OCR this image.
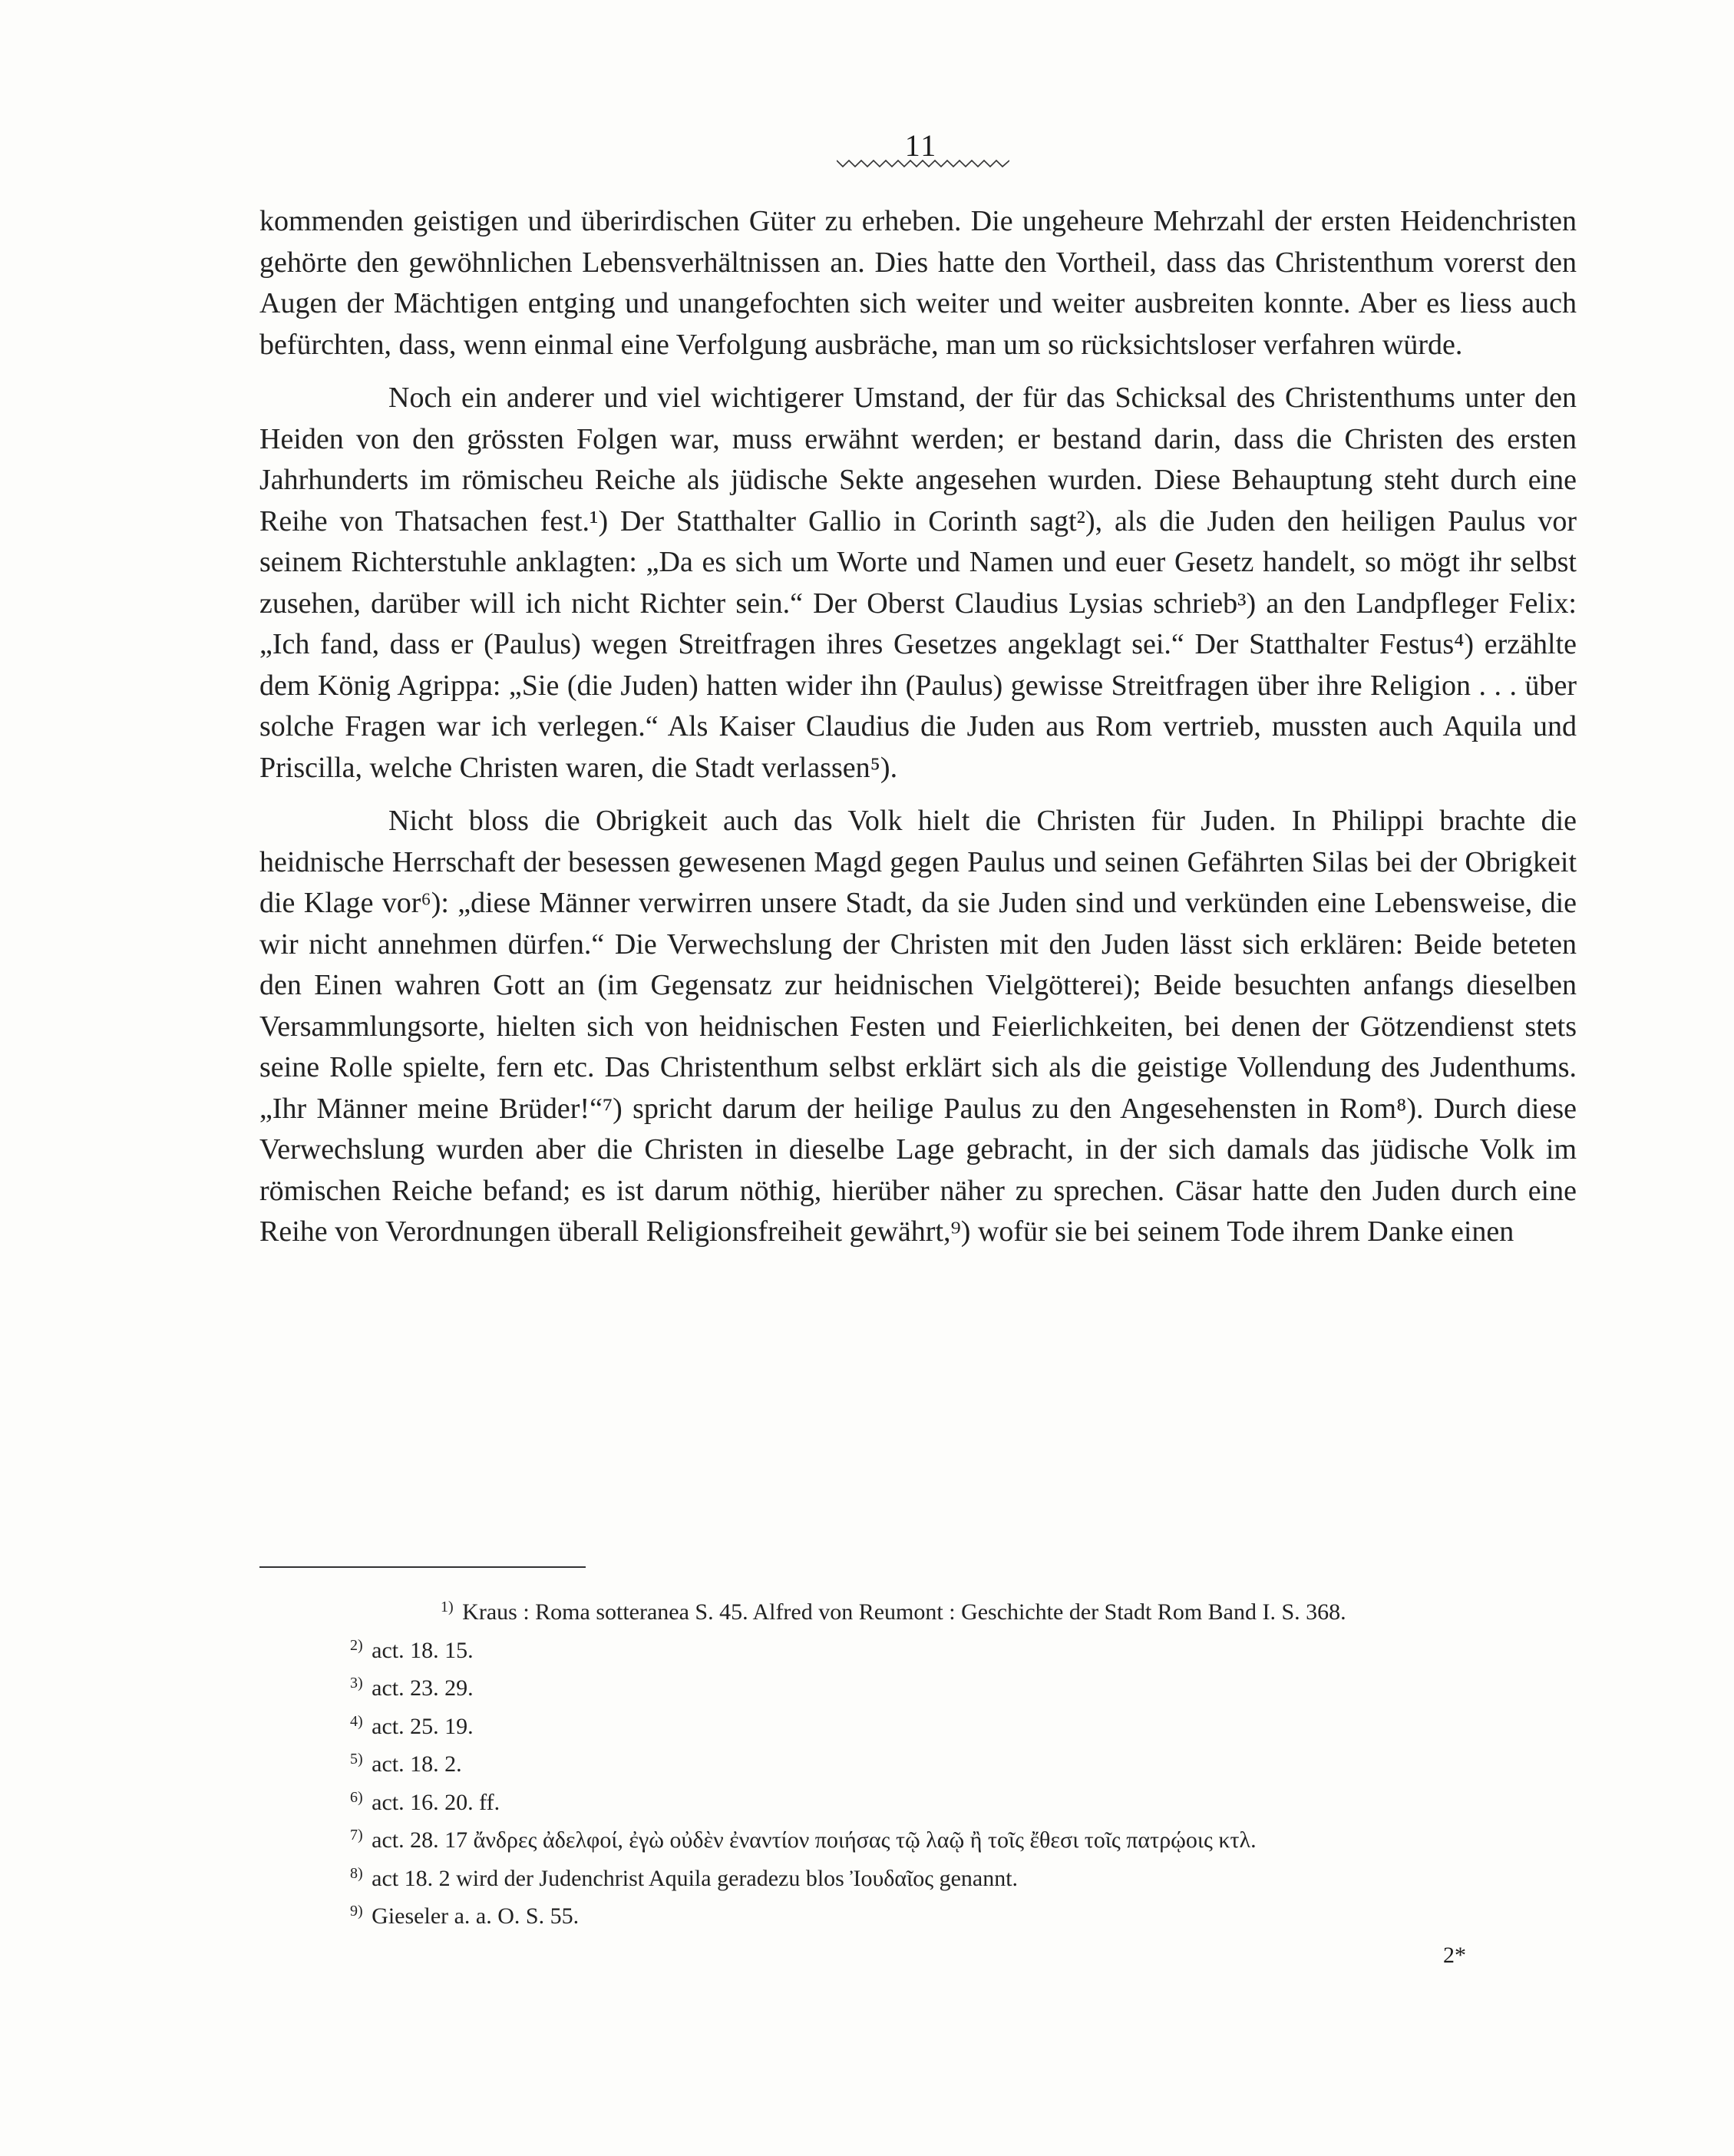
11

kommenden geistigen und überirdischen Güter zu erheben. Die ungeheure Mehrzahl der ersten Heidenchristen gehörte den gewöhnlichen Lebensverhältnissen an. Dies hatte den Vortheil, dass das Christenthum vorerst den Augen der Mächtigen entging und unangefochten sich weiter und weiter ausbreiten konnte. Aber es liess auch befürchten, dass, wenn einmal eine Verfolgung ausbräche, man um so rücksichtsloser verfahren würde.

Noch ein anderer und viel wichtigerer Umstand, der für das Schicksal des Christenthums unter den Heiden von den grössten Folgen war, muss erwähnt werden; er bestand darin, dass die Christen des ersten Jahrhunderts im römischeu Reiche als jüdische Sekte angesehen wurden. Diese Behauptung steht durch eine Reihe von Thatsachen fest.¹) Der Statthalter Gallio in Corinth sagt²), als die Juden den heiligen Paulus vor seinem Richterstuhle anklagten: „Da es sich um Worte und Namen und euer Gesetz handelt, so mögt ihr selbst zusehen, darüber will ich nicht Richter sein.“ Der Oberst Claudius Lysias schrieb³) an den Landpfleger Felix: „Ich fand, dass er (Paulus) wegen Streitfragen ihres Gesetzes angeklagt sei.“ Der Statthalter Festus⁴) erzählte dem König Agrippa: „Sie (die Juden) hatten wider ihn (Paulus) gewisse Streitfragen über ihre Religion . . . über solche Fragen war ich verlegen.“ Als Kaiser Claudius die Juden aus Rom vertrieb, mussten auch Aquila und Priscilla, welche Christen waren, die Stadt verlassen⁵).

Nicht bloss die Obrigkeit auch das Volk hielt die Christen für Juden. In Philippi brachte die heidnische Herrschaft der besessen gewesenen Magd gegen Paulus und seinen Gefährten Silas bei der Obrigkeit die Klage vor⁶): „diese Männer verwirren unsere Stadt, da sie Juden sind und verkünden eine Lebensweise, die wir nicht annehmen dürfen.“ Die Verwechslung der Christen mit den Juden lässt sich erklären: Beide beteten den Einen wahren Gott an (im Gegensatz zur heidnischen Vielgötterei); Beide besuchten anfangs dieselben Versammlungsorte, hielten sich von heidnischen Festen und Feierlichkeiten, bei denen der Götzendienst stets seine Rolle spielte, fern etc. Das Christenthum selbst erklärt sich als die geistige Vollendung des Judenthums. „Ihr Männer meine Brüder!“⁷) spricht darum der heilige Paulus zu den Angesehensten in Rom⁸). Durch diese Verwechslung wurden aber die Christen in dieselbe Lage gebracht, in der sich damals das jüdische Volk im römischen Reiche befand; es ist darum nöthig, hierüber näher zu sprechen. Cäsar hatte den Juden durch eine Reihe von Verordnungen überall Religionsfreiheit gewährt,⁹) wofür sie bei seinem Tode ihrem Danke einen

1) Kraus : Roma sotteranea S. 45. Alfred von Reumont : Geschichte der Stadt Rom Band I. S. 368.
2) act. 18. 15.
3) act. 23. 29.
4) act. 25. 19.
5) act. 18. 2.
6) act. 16. 20. ff.
7) act. 28. 17 ἄνδρες ἀδελφοί, ἐγὼ οὐδὲν ἐναντίον ποιήσας τῷ λαῷ ἢ τοῖς ἔθεσι τοῖς πατρῴοις κτλ.
8) act 18. 2 wird der Judenchrist Aquila geradezu blos Ἰουδαῖος genannt.
9) Gieseler a. a. O. S. 55.
2*
